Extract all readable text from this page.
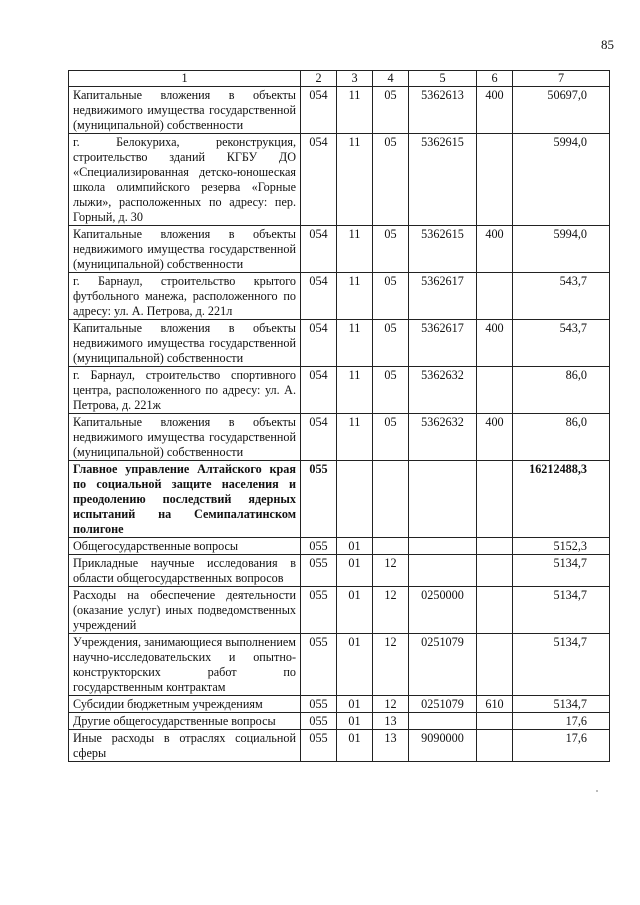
85
1	2	3	4	5	6	7
Капитальные вложения в объекты недвижимого имущества государственной (муниципальной) собственности	054	11	05	5362613	400	50697,0
г. Белокуриха, реконструкция, строительство зданий КГБУ ДО «Специализированная детско-юношеская школа олимпийского резерва «Горные лыжи», расположенных по адресу: пер. Горный, д. 30	054	11	05	5362615		5994,0
Капитальные вложения в объекты недвижимого имущества государственной (муниципальной) собственности	054	11	05	5362615	400	5994,0
г. Барнаул, строительство крытого футбольного манежа, расположенного по адресу: ул. А. Петрова, д. 221л	054	11	05	5362617		543,7
Капитальные вложения в объекты недвижимого имущества государственной (муниципальной) собственности	054	11	05	5362617	400	543,7
г. Барнаул, строительство спортивного центра, расположенного по адресу: ул. А. Петрова, д. 221ж	054	11	05	5362632		86,0
Капитальные вложения в объекты недвижимого имущества государственной (муниципальной) собственности	054	11	05	5362632	400	86,0
Главное управление Алтайского края по социальной защите населения и преодолению последствий ядерных испытаний на Семипалатинском полигоне	055					16212488,3
Общегосударственные вопросы	055	01				5152,3
Прикладные научные исследования в области общегосударственных вопросов	055	01	12			5134,7
Расходы на обеспечение деятельности (оказание услуг) иных подведомственных учреждений	055	01	12	0250000		5134,7
Учреждения, занимающиеся выполнением научно-исследовательских и опытно-конструкторских работ по государственным контрактам	055	01	12	0251079		5134,7
Субсидии бюджетным учреждениям	055	01	12	0251079	610	5134,7
Другие общегосударственные вопросы	055	01	13			17,6
Иные расходы в отраслях социальной сферы	055	01	13	9090000		17,6
